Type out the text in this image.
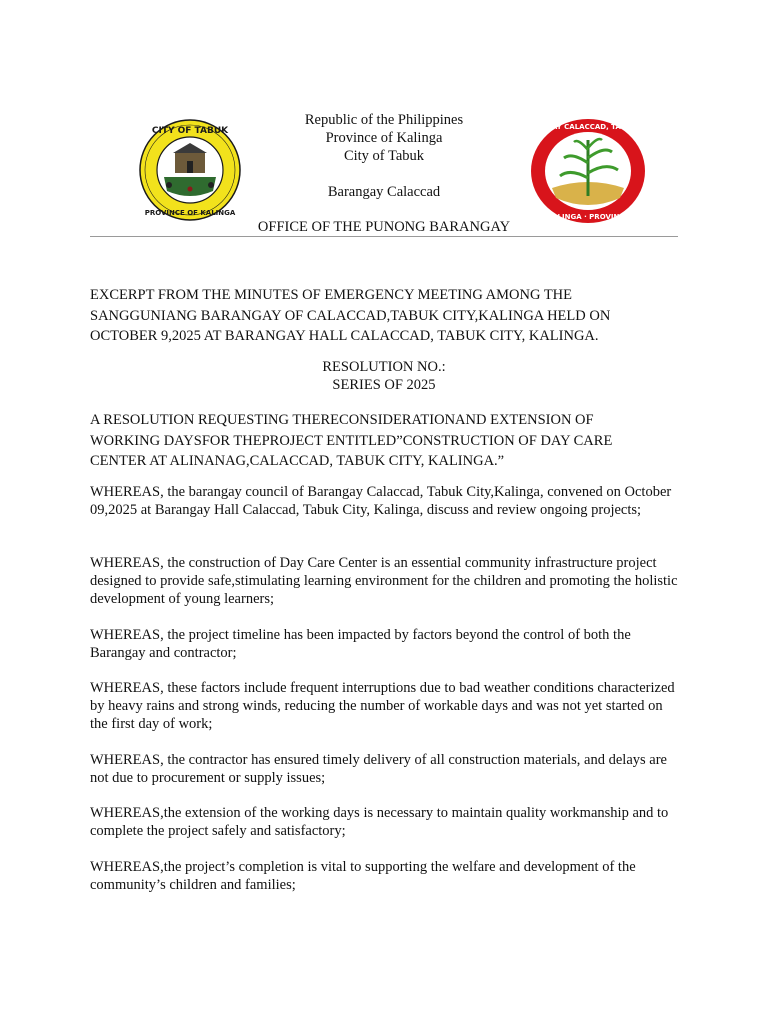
CITY OF TABUK
PROVINCE OF KALINGA
BARANGAY CALACCAD, TABUK CITY
KALINGA · PROVINCE
Republic of the Philippines
Province of Kalinga
City of Tabuk
Barangay Calaccad
OFFICE OF THE PUNONG BARANGAY
EXCERPT FROM THE MINUTES OF EMERGENCY MEETING AMONG THE
SANGGUNIANG BARANGAY OF CALACCAD,TABUK CITY,KALINGA HELD ON
OCTOBER 9,2025 AT BARANGAY HALL CALACCAD, TABUK CITY, KALINGA.
RESOLUTION NO.:
SERIES OF 2025
A RESOLUTION REQUESTING THERECONSIDERATIONAND EXTENSION OF
WORKING DAYSFOR THEPROJECT ENTITLED”CONSTRUCTION OF DAY CARE
CENTER AT ALINANAG,CALACCAD, TABUK CITY, KALINGA.”
WHEREAS, the barangay council of Barangay Calaccad, Tabuk City,Kalinga, convened on October 09,2025 at Barangay Hall Calaccad, Tabuk City, Kalinga, discuss and review ongoing projects;
WHEREAS, the construction of Day Care Center is an essential community infrastructure project designed to provide safe,stimulating learning environment for the children and promoting the holistic development of young learners;
WHEREAS, the project timeline has been impacted by factors beyond the control of both the Barangay and contractor;
WHEREAS, these factors include frequent interruptions due to bad weather conditions characterized by heavy rains and strong winds, reducing the number of workable days and was not yet started on the first day of work;
WHEREAS, the contractor has ensured timely delivery of all construction materials, and delays are not due to procurement or supply issues;
WHEREAS,the extension of the working days is necessary to maintain quality workmanship and to complete the project safely and satisfactory;
WHEREAS,the project’s completion is vital to supporting the welfare and development of the community’s children and families;
